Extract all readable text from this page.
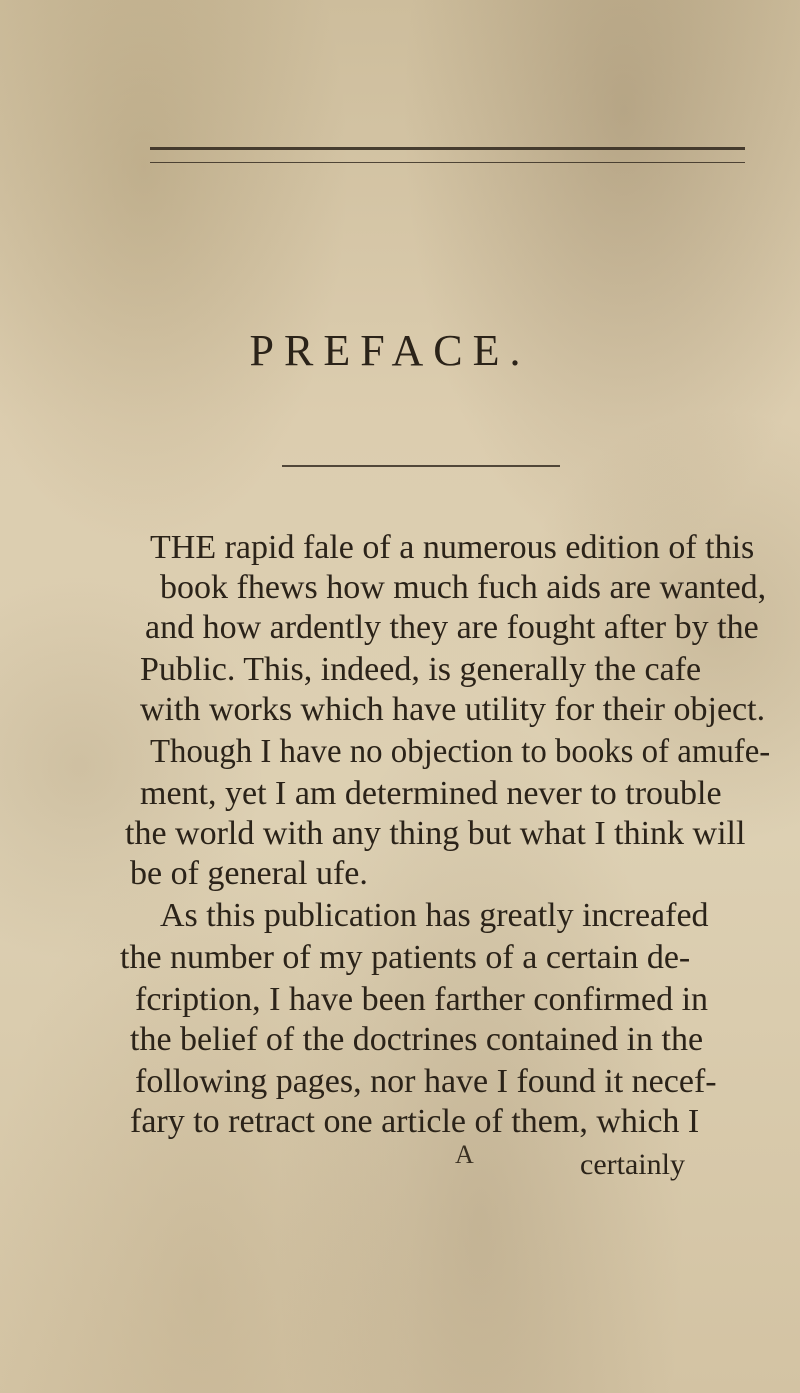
PREFACE.
THE rapid fale of a numerous edition of this
book fhews how much fuch aids are wanted,
and how ardently they are fought after by the
Public. This, indeed, is generally the cafe
with works which have utility for their object.
Though I have no objection to books of amufe-
ment, yet I am determined never to trouble
the world with any thing but what I think will
be of general ufe.
As this publication has greatly increafed
the number of my patients of a certain de-
fcription, I have been farther confirmed in
the belief of the doctrines contained in the
following pages, nor have I found it necef-
fary to retract one article of them, which I
A	certainly
